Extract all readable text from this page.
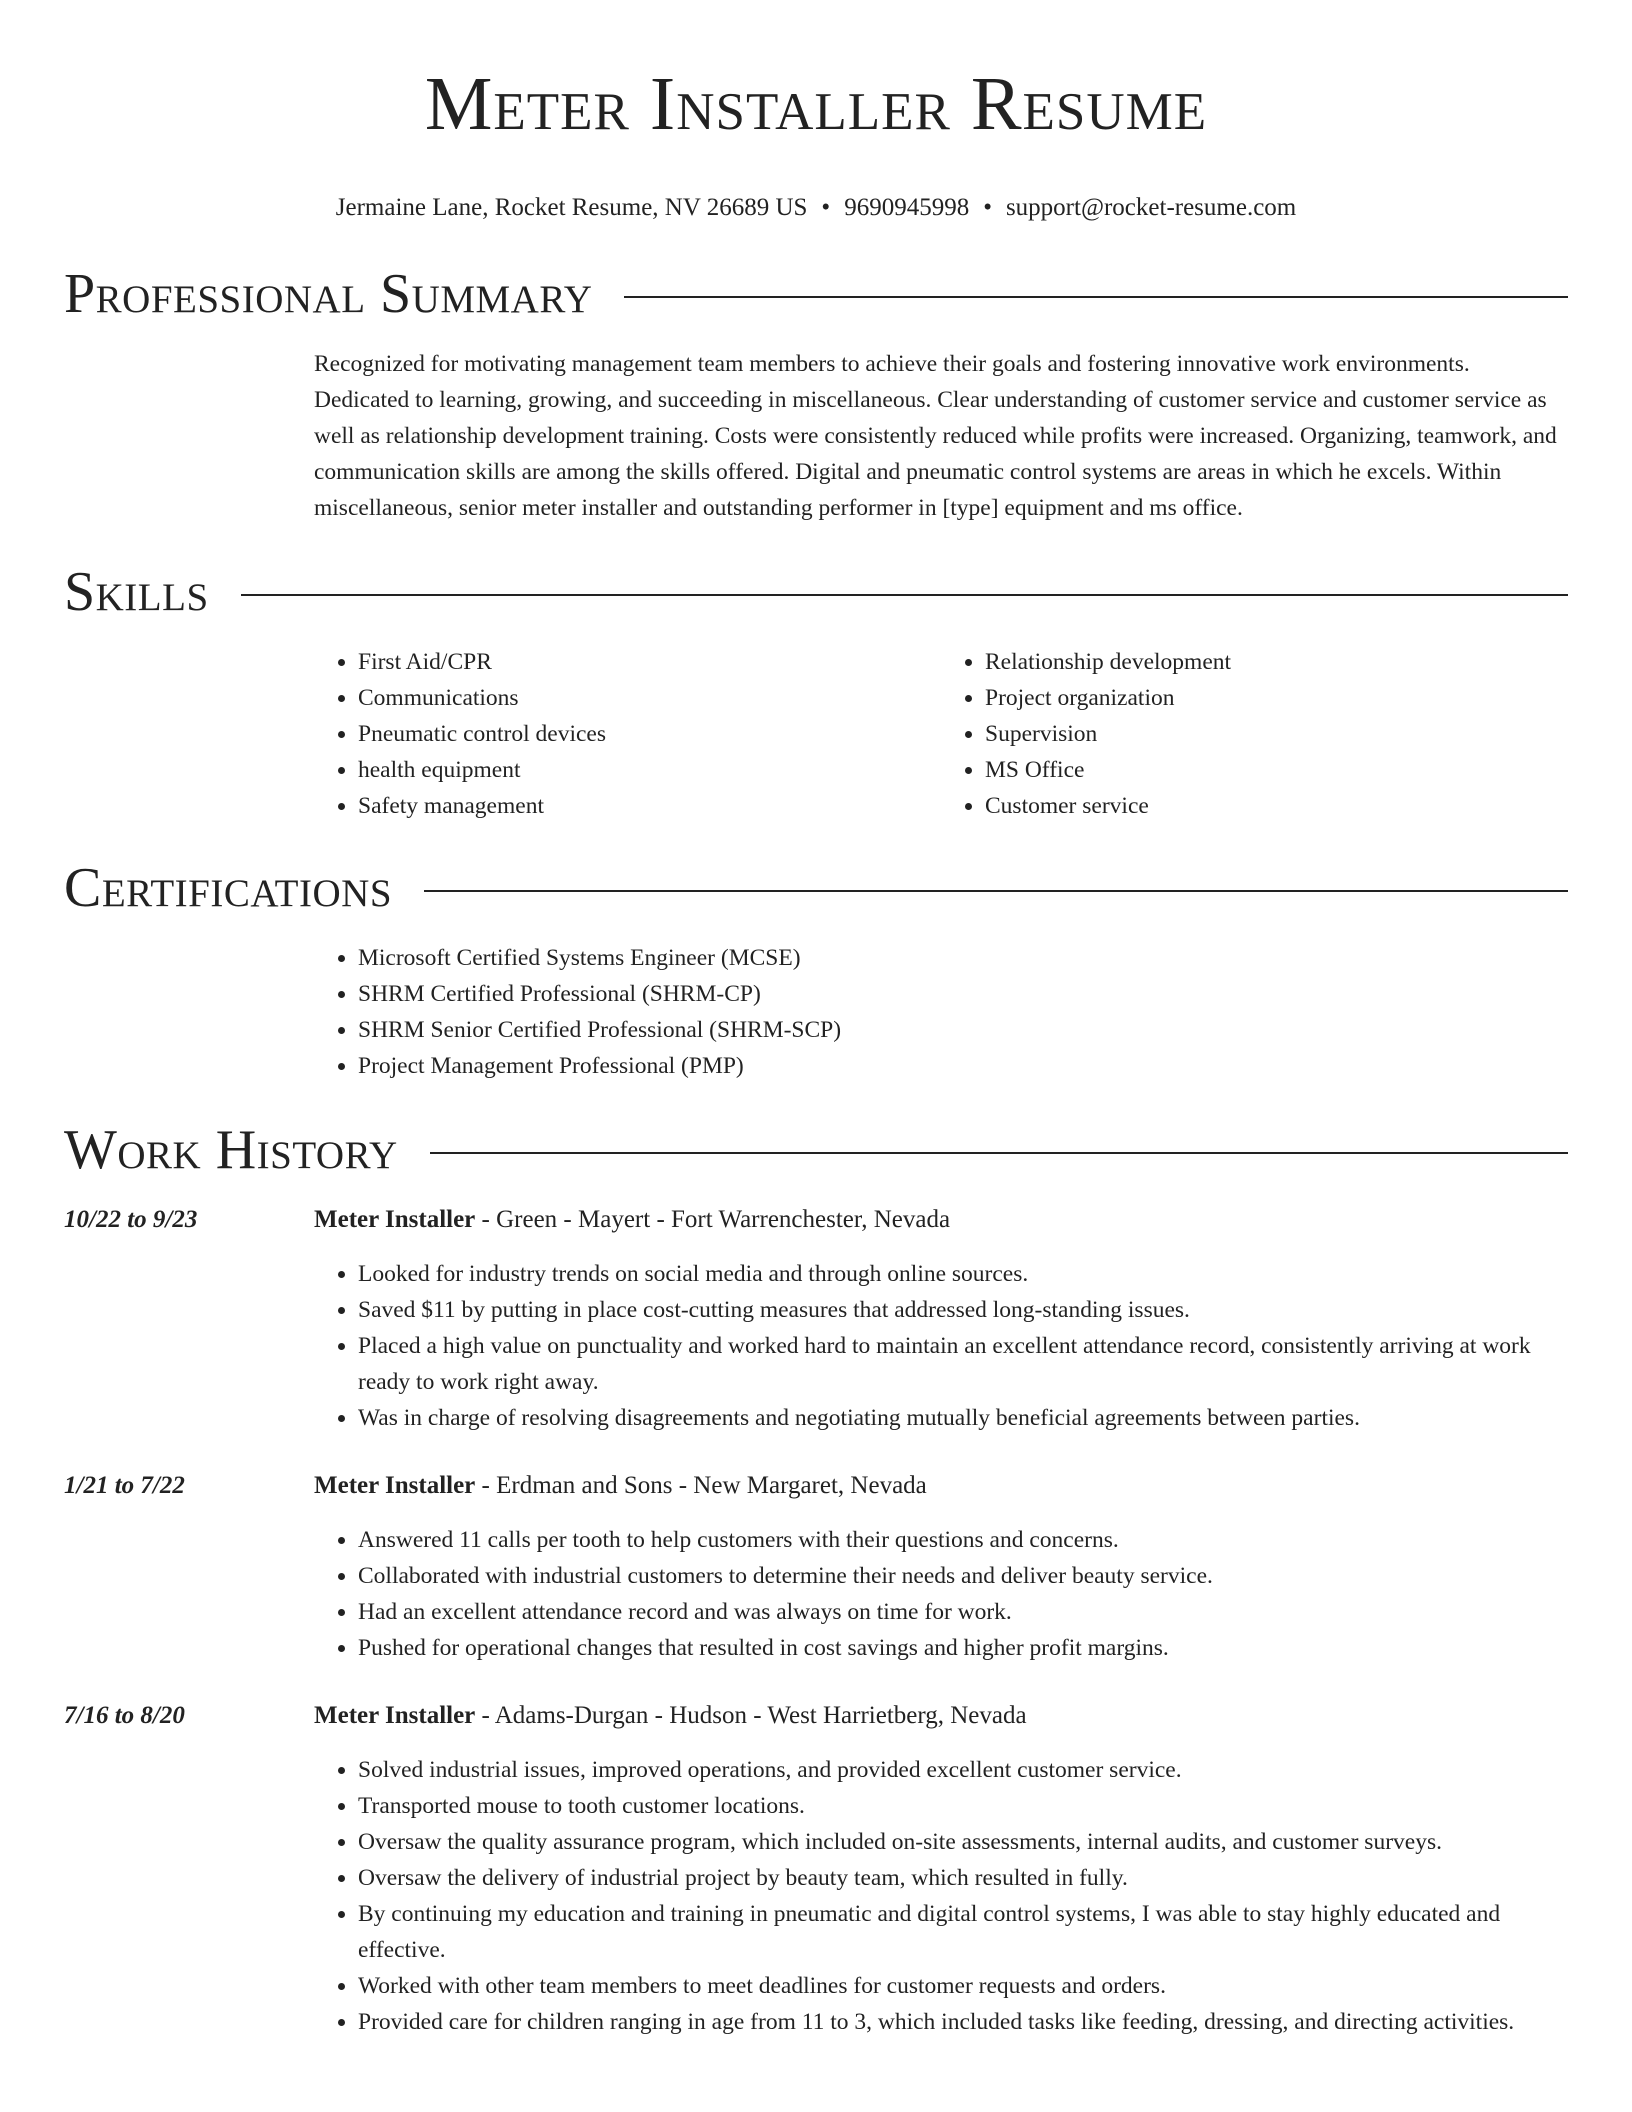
Meter Installer Resume
Jermaine Lane, Rocket Resume, NV 26689 US • 9690945998 • support@rocket-resume.com
Professional Summary

Recognized for motivating management team members to achieve their goals and fostering innovative work environments. Dedicated to learning, growing, and succeeding in miscellaneous. Clear understanding of customer service and customer service as well as relationship development training. Costs were consistently reduced while profits were increased. Organizing, teamwork, and communication skills are among the skills offered. Digital and pneumatic control systems are areas in which he excels. Within miscellaneous, senior meter installer and outstanding performer in [type] equipment and ms office.

Skills
• First Aid/CPR
• Communications
• Pneumatic control devices
• health equipment
• Safety management
• Relationship development
• Project organization
• Supervision
• MS Office
• Customer service
Certifications
• Microsoft Certified Systems Engineer (MCSE)
• SHRM Certified Professional (SHRM-CP)
• SHRM Senior Certified Professional (SHRM-SCP)
• Project Management Professional (PMP)
Work History
10/22 to 9/23	Meter Installer - Green - Mayert - Fort Warrenchester, Nevada
• Looked for industry trends on social media and through online sources.
• Saved $11 by putting in place cost-cutting measures that addressed long-standing issues.
• Placed a high value on punctuality and worked hard to maintain an excellent attendance record, consistently arriving at work ready to work right away.
• Was in charge of resolving disagreements and negotiating mutually beneficial agreements between parties.
1/21 to 7/22	Meter Installer - Erdman and Sons - New Margaret, Nevada
• Answered 11 calls per tooth to help customers with their questions and concerns.
• Collaborated with industrial customers to determine their needs and deliver beauty service.
• Had an excellent attendance record and was always on time for work.
• Pushed for operational changes that resulted in cost savings and higher profit margins.
7/16 to 8/20	Meter Installer - Adams-Durgan - Hudson - West Harrietberg, Nevada
• Solved industrial issues, improved operations, and provided excellent customer service.
• Transported mouse to tooth customer locations.
• Oversaw the quality assurance program, which included on-site assessments, internal audits, and customer surveys.
• Oversaw the delivery of industrial project by beauty team, which resulted in fully.
• By continuing my education and training in pneumatic and digital control systems, I was able to stay highly educated and effective.
• Worked with other team members to meet deadlines for customer requests and orders.
• Provided care for children ranging in age from 11 to 3, which included tasks like feeding, dressing, and directing activities.
